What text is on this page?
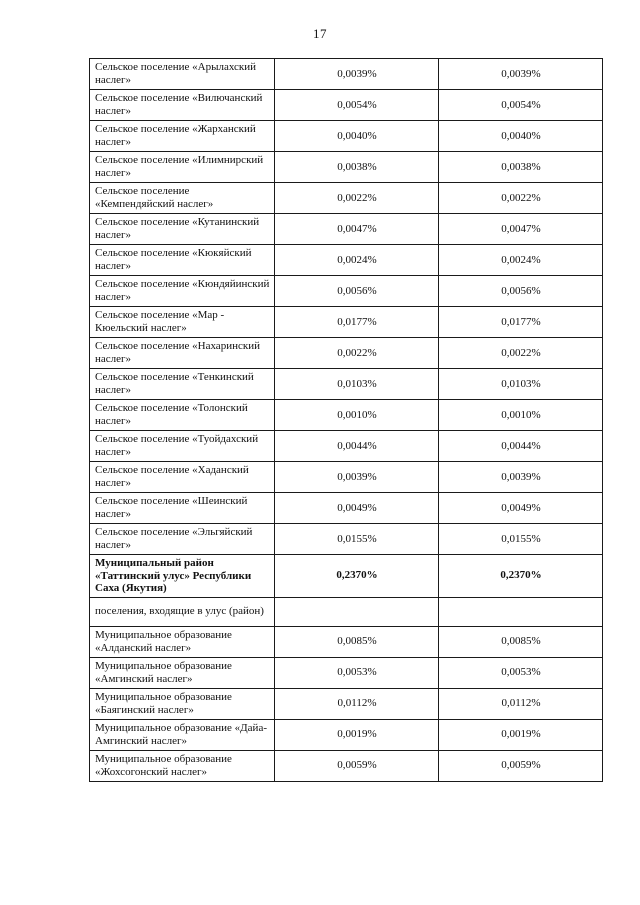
17
Сельское поселение «Арылахский наслег»	0,0039%	0,0039%
Сельское поселение «Вилючанский наслег»	0,0054%	0,0054%
Сельское поселение «Жарханский наслег»	0,0040%	0,0040%
Сельское поселение «Илимнирский наслег»	0,0038%	0,0038%
Сельское поселение «Кемпендяйский наслег»	0,0022%	0,0022%
Сельское поселение «Кутанинский наслег»	0,0047%	0,0047%
Сельское поселение «Кюкяйский наслег»	0,0024%	0,0024%
Сельское поселение «Кюндяйинский наслег»	0,0056%	0,0056%
Сельское поселение «Мар - Кюельский наслег»	0,0177%	0,0177%
Сельское поселение «Нахаринский наслег»	0,0022%	0,0022%
Сельское поселение «Тенкинский наслег»	0,0103%	0,0103%
Сельское поселение «Толонский наслег»	0,0010%	0,0010%
Сельское поселение «Туойдахский наслег»	0,0044%	0,0044%
Сельское поселение «Хаданский наслег»	0,0039%	0,0039%
Сельское поселение «Шеинский наслег»	0,0049%	0,0049%
Сельское поселение «Эльгяйский наслег»	0,0155%	0,0155%
Муниципальный район «Таттинский улус» Республики Саха (Якутия)	0,2370%	0,2370%
поселения, входящие в улус (район)		
Муниципальное образование «Алданский наслег»	0,0085%	0,0085%
Муниципальное образование «Амгинский наслег»	0,0053%	0,0053%
Муниципальное образование «Баягинский наслег»	0,0112%	0,0112%
Муниципальное образование «Дайа-Амгинский наслег»	0,0019%	0,0019%
Муниципальное образование «Жохсогонский наслег»	0,0059%	0,0059%
